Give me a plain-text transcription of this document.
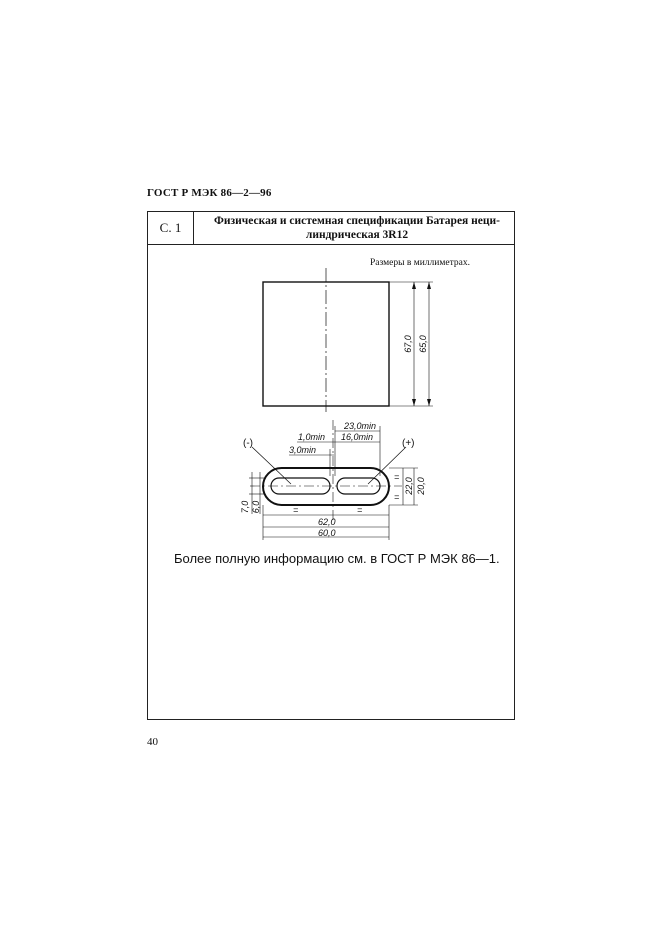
ГОСТ Р МЭК 86—2—96
С. 1	Физическая и системная спецификации Батарея неци-линдрическая 3R12
Размеры в миллиметрах.
67,0 65,0
(-)	(+)
23,0min
16,0min
1,0min
3,0min
7,0 6,0
=
=
22,0 20,0
=	=
62,0
60,0
Более полную информацию см. в ГОСТ Р МЭК 86—1.
40
